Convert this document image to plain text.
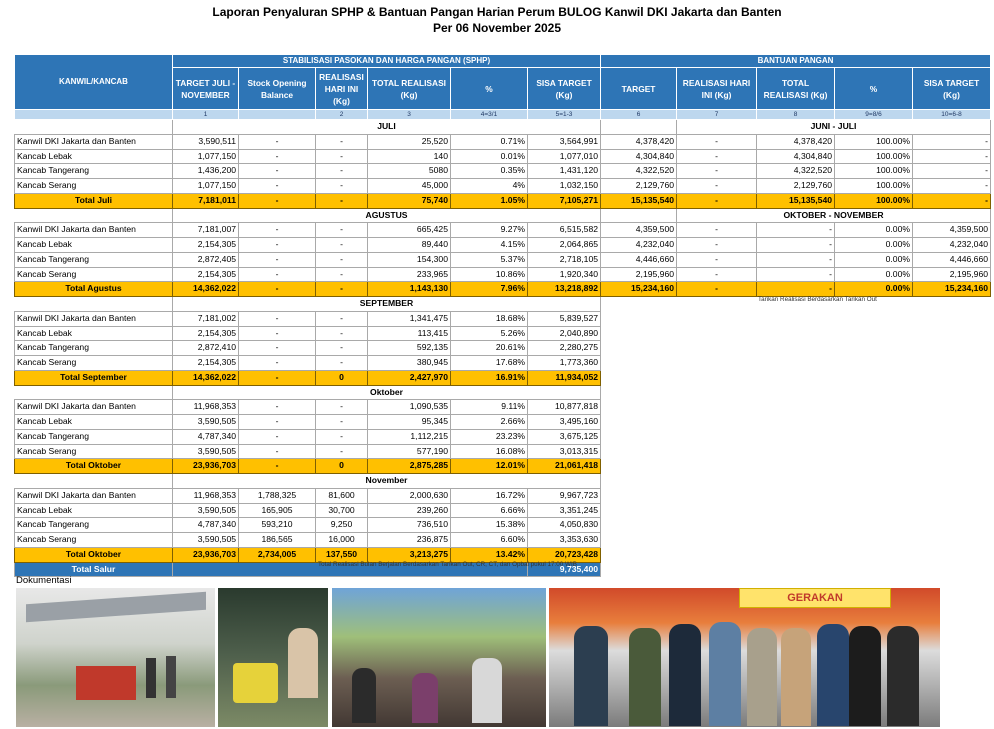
Laporan Penyaluran SPHP & Bantuan Pangan Harian Perum BULOG Kanwil DKI Jakarta dan Banten
Per 06 November 2025
KANWIL/KANCAB	STABILISASI PASOKAN DAN HARGA PANGAN (SPHP)						BANTUAN PANGAN				
	TARGET JULI - NOVEMBER	Stock Opening Balance	REALISASI HARI INI (Kg)	TOTAL REALISASI (Kg)	%	SISA TARGET (Kg)	TARGET	REALISASI HARI INI (Kg)	TOTAL REALISASI (Kg)	%	SISA TARGET (Kg)
	1		2	3	4=3/1	5=1-3	6	7	8	9=8/6	10=6-8
	JULI							JUNI - JULI			
Kanwil DKI Jakarta dan Banten	3,590,511	-	-	25,520	0.71%	3,564,991	4,378,420	-	4,378,420	100.00%	-
Kancab Lebak	1,077,150	-	-	140	0.01%	1,077,010	4,304,840	-	4,304,840	100.00%	-
Kancab Tangerang	1,436,200	-	-	5080	0.35%	1,431,120	4,322,520	-	4,322,520	100.00%	-
Kancab Serang	1,077,150	-	-	45,000	4%	1,032,150	2,129,760	-	2,129,760	100.00%	-
Total Juli	7,181,011	-	-	75,740	1.05%	7,105,271	15,135,540	-	15,135,540	100.00%	-
	AGUSTUS							OKTOBER - NOVEMBER			
Kanwil DKI Jakarta dan Banten	7,181,007	-	-	665,425	9.27%	6,515,582	4,359,500	-	-	0.00%	4,359,500
Kancab Lebak	2,154,305	-	-	89,440	4.15%	2,064,865	4,232,040	-	-	0.00%	4,232,040
Kancab Tangerang	2,872,405	-	-	154,300	5.37%	2,718,105	4,446,660	-	-	0.00%	4,446,660
Kancab Serang	2,154,305	-	-	233,965	10.86%	1,920,340	2,195,960	-	-	0.00%	2,195,960
Total Agustus	14,362,022	-	-	1,143,130	7.96%	13,218,892	15,234,160	-	-	0.00%	15,234,160
	SEPTEMBER										
Kanwil DKI Jakarta dan Banten	7,181,002	-	-	1,341,475	18.68%	5,839,527					
Kancab Lebak	2,154,305	-	-	113,415	5.26%	2,040,890					
Kancab Tangerang	2,872,410	-	-	592,135	20.61%	2,280,275					
Kancab Serang	2,154,305	-	-	380,945	17.68%	1,773,360					
Total September	14,362,022	-	0	2,427,970	16.91%	11,934,052					
	Oktober										
Kanwil DKI Jakarta dan Banten	11,968,353	-	-	1,090,535	9.11%	10,877,818					
Kancab Lebak	3,590,505	-	-	95,345	2.66%	3,495,160					
Kancab Tangerang	4,787,340	-	-	1,112,215	23.23%	3,675,125					
Kancab Serang	3,590,505	-	-	577,190	16.08%	3,013,315					
Total Oktober	23,936,703	-	0	2,875,285	12.01%	21,061,418					
	November										
Kanwil DKI Jakarta dan Banten	11,968,353	1,788,325	81,600	2,000,630	16.72%	9,967,723					
Kancab Lebak	3,590,505	165,905	30,700	239,260	6.66%	3,351,245					
Kancab Tangerang	4,787,340	593,210	9,250	736,510	15.38%	4,050,830					
Kancab Serang	3,590,505	186,565	16,000	236,875	6.60%	3,353,630					
Total Oktober	23,936,703	2,734,005	137,550	3,213,275	13.42%	20,723,428					
Total Salur						9,735,400					
Tarikan Realisasi Berdasarkan Tarikan Out
Total Realisasi Bulan Berjalan Berdasarkan Tarikan Out, CR, CT, dan Opbal pukul 17:00 WIB
Dokumentasi
GERAKAN
